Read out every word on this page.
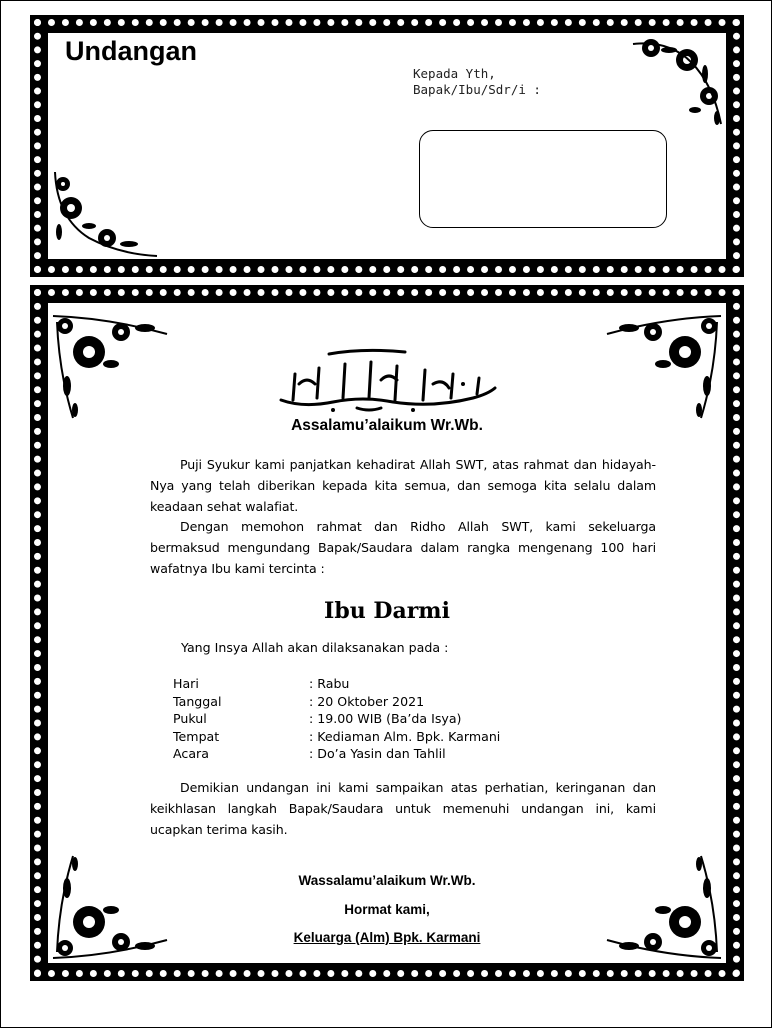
Undangan
Kepada Yth,
Bapak/Ibu/Sdr/i :
Assalamu’alaikum Wr.Wb.
Puji Syukur kami panjatkan kehadirat Allah SWT, atas rahmat dan hidayah- Nya yang telah diberikan kepada kita semua, dan semoga kita selalu dalam keadaan sehat walafiat.
Dengan memohon rahmat dan Ridho Allah SWT, kami sekeluarga bermaksud mengundang Bapak/Saudara dalam rangka mengenang 100 hari wafatnya Ibu kami tercinta :
Ibu Darmi
Yang Insya Allah akan dilaksanakan pada :
Hari	: Rabu
Tanggal	: 20 Oktober 2021
Pukul	: 19.00 WIB (Ba’da Isya)
Tempat	: Kediaman Alm. Bpk. Karmani
Acara	: Do’a Yasin dan Tahlil
Demikian undangan ini kami sampaikan atas perhatian, keringanan dan keikhlasan langkah Bapak/Saudara untuk memenuhi undangan ini, kami ucapkan terima kasih.
Wassalamu’alaikum Wr.Wb.
Hormat kami,
Keluarga (Alm) Bpk. Karmani
